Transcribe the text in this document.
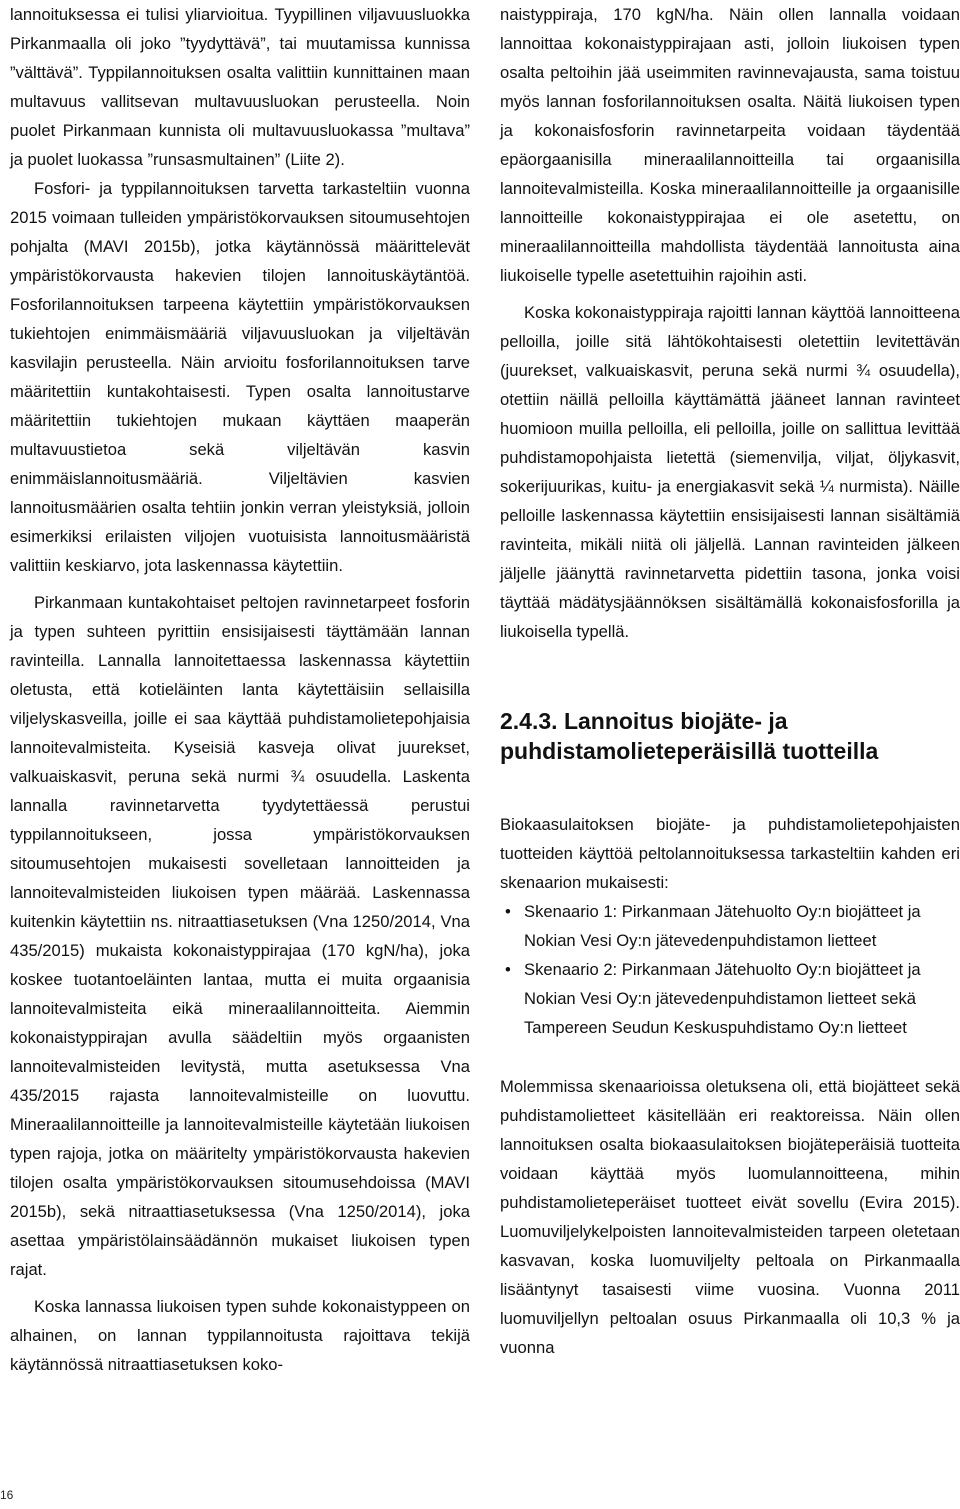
lannoituksessa ei tulisi yliarvioitua. Tyypillinen viljavuusluokka Pirkanmaalla oli joko ”tyydyttävä”, tai muutamissa kunnissa ”välttävä”. Typpilannoituksen osalta valittiin kunnittainen maan multavuus vallitsevan multavuusluokan perusteella. Noin puolet Pirkanmaan kunnista oli multavuusluokassa ”multava” ja puolet luokassa ”runsasmultainen” (Liite 2).

Fosfori- ja typpilannoituksen tarvetta tarkasteltiin vuonna 2015 voimaan tulleiden ympäristökorvauksen sitoumusehtojen pohjalta (MAVI 2015b), jotka käytännössä määrittelevät ympäristökorvausta hakevien tilojen lannoituskäytäntöä. Fosforilannoituksen tarpeena käytettiin ympäristökorvauksen tukiehtojen enimmäismääriä viljavuusluokan ja viljeltävän kasvilajin perusteella. Näin arvioitu fosforilannoituksen tarve määritettiin kuntakohtaisesti. Typen osalta lannoitustarve määritettiin tukiehtojen mukaan käyttäen maaperän multavuustietoa sekä viljeltävän kasvin enimmäislannoitusmääriä. Viljeltävien kasvien lannoitusmäärien osalta tehtiin jonkin verran yleistyksiä, jolloin esimerkiksi erilaisten viljojen vuotuisista lannoitusmääristä valittiin keskiarvo, jota laskennassa käytettiin.

Pirkanmaan kuntakohtaiset peltojen ravinnetarpeet fosforin ja typen suhteen pyrittiin ensisijaisesti täyttämään lannan ravinteilla. Lannalla lannoitettaessa laskennassa käytettiin oletusta, että kotieläinten lanta käytettäisiin sellaisilla viljelyskasveilla, joille ei saa käyttää puhdistamolietepohjaisia lannoitevalmisteita. Kyseisiä kasveja olivat juurekset, valkuaiskasvit, peruna sekä nurmi ¾ osuudella. Laskenta lannalla ravinnetarvetta tyydytettäessä perustui typpilannoitukseen, jossa ympäristökorvauksen sitoumusehtojen mukaisesti sovelletaan lannoitteiden ja lannoitevalmisteiden liukoisen typen määrää. Laskennassa kuitenkin käytettiin ns. nitraattiasetuksen (Vna 1250/2014, Vna 435/2015) mukaista kokonaistyppirajaa (170 kgN/ha), joka koskee tuotantoeläinten lantaa, mutta ei muita orgaanisia lannoitevalmisteita eikä mineraalilannoitteita. Aiemmin kokonaistyppirajan avulla säädeltiin myös orgaanisten lannoitevalmisteiden levitystä, mutta asetuksessa Vna 435/2015 rajasta lannoitevalmisteille on luovuttu. Mineraalilannoitteille ja lannoitevalmisteille käytetään liukoisen typen rajoja, jotka on määritelty ympäristökorvausta hakevien tilojen osalta ympäristökorvauksen sitoumusehdoissa (MAVI 2015b), sekä nitraattiasetuksessa (Vna 1250/2014), joka asettaa ympäristölainsäädännön mukaiset liukoisen typen rajat.

Koska lannassa liukoisen typen suhde kokonaistyppeen on alhainen, on lannan typpilannoitusta rajoittava tekijä käytännössä nitraattiasetuksen koko-

naistyppiraja, 170 kgN/ha. Näin ollen lannalla voidaan lannoittaa kokonaistyppirajaan asti, jolloin liukoisen typen osalta peltoihin jää useimmiten ravinnevajausta, sama toistuu myös lannan fosforilannoituksen osalta. Näitä liukoisen typen ja kokonaisfosforin ravinnetarpeita voidaan täydentää epäorgaanisilla mineraalilannoitteilla tai orgaanisilla lannoitevalmisteilla. Koska mineraalilannoitteille ja orgaanisille lannoitteille kokonaistyppirajaa ei ole asetettu, on mineraalilannoitteilla mahdollista täydentää lannoitusta aina liukoiselle typelle asetettuihin rajoihin asti.

Koska kokonaistyppiraja rajoitti lannan käyttöä lannoitteena pelloilla, joille sitä lähtökohtaisesti oletettiin levitettävän (juurekset, valkuaiskasvit, peruna sekä nurmi ¾ osuudella), otettiin näillä pelloilla käyttämättä jääneet lannan ravinteet huomioon muilla pelloilla, eli pelloilla, joille on sallittua levittää puhdistamopohjaista lietettä (siemenvilja, viljat, öljykasvit, sokerijuurikas, kuitu- ja energiakasvit sekä ¼ nurmista). Näille pelloille laskennassa käytettiin ensisijaisesti lannan sisältämiä ravinteita, mikäli niitä oli jäljellä. Lannan ravinteiden jälkeen jäljelle jäänyttä ravinnetarvetta pidettiin tasona, jonka voisi täyttää mädätysjäännöksen sisältämällä kokonaisfosforilla ja liukoisella typellä.

2.4.3. Lannoitus biojäte- ja puhdistamolieteperäisillä tuotteilla

Biokaasulaitoksen biojäte- ja puhdistamolietepohjaisten tuotteiden käyttöä peltolannoituksessa tarkasteltiin kahden eri skenaarion mukaisesti:

• Skenaario 1: Pirkanmaan Jätehuolto Oy:n biojätteet ja Nokian Vesi Oy:n jätevedenpuhdistamon lietteet
• Skenaario 2: Pirkanmaan Jätehuolto Oy:n biojätteet ja Nokian Vesi Oy:n jätevedenpuhdistamon lietteet sekä Tampereen Seudun Keskuspuhdistamo Oy:n lietteet

Molemmissa skenaarioissa oletuksena oli, että biojätteet sekä puhdistamolietteet käsitellään eri reaktoreissa. Näin ollen lannoituksen osalta biokaasulaitoksen biojäteperäisiä tuotteita voidaan käyttää myös luomulannoitteena, mihin puhdistamolieteperäiset tuotteet eivät sovellu (Evira 2015). Luomuviljelykelpoisten lannoitevalmisteiden tarpeen oletetaan kasvavan, koska luomuviljelty peltoala on Pirkanmaalla lisääntynyt tasaisesti viime vuosina. Vuonna 2011 luomuviljellyn peltoalan osuus Pirkanmaalla oli 10,3 % ja vuonna

16
